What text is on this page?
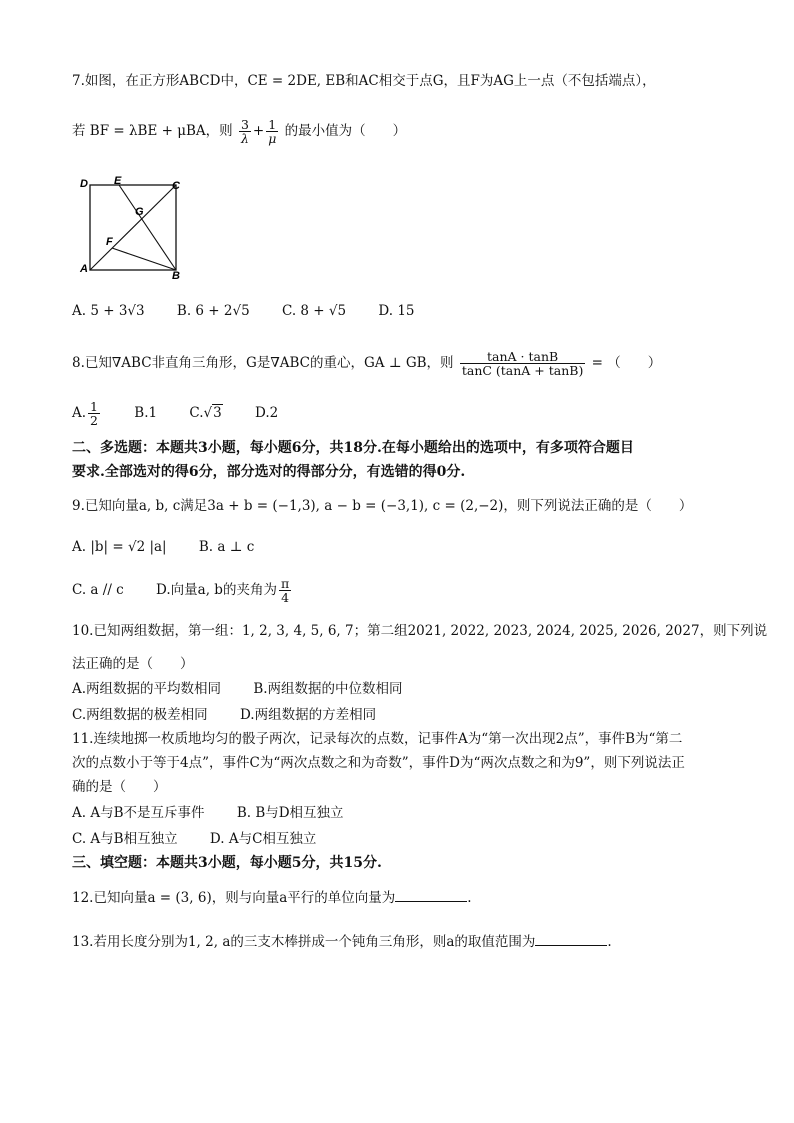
7.如图，在正方形ABCD中，CE = 2DE, EB和AC相交于点G，且F为AG上一点（不包括端点），
若 BF = λBE + μBA，则 $\frac{3}{\lambda} + \frac{1}{\mu}$ 的最小值为（　　）
D E	C
G
F
A
B
A. 5 + 3√3 B. 6 + 2√5 C. 8 + √5 D. 15
8.已知∇ABC非直角三角形，G是∇ABC的重心，GA ⊥ GB，则 $\frac{\tan A \cdot \tan B}{\tan C (\tan A + \tan B)}$ = （　　）
A. $\frac{1}{2}$	B.1 C.√3 D.2
二、多选题：本题共3小题，每小题6分，共18分.在每小题给出的选项中，有多项符合题目
要求.全部选对的得6分，部分选对的得部分分，有选错的得0分.
9.已知向量a, b, c满足3a + b = (−1,3), a − b = (−3,1), c = (2,−2)，则下列说法正确的是（　　）
A. |b| = √2 |a| B. a ⊥ c
C. a // c D.向量a, b的夹角为 $\frac{\pi}{4}$
10.已知两组数据，第一组：1, 2, 3, 4, 5, 6, 7；第二组2021, 2022, 2023, 2024, 2025, 2026, 2027，则下列说
法正确的是（　　）
A.两组数据的平均数相同 B.两组数据的中位数相同
C.两组数据的极差相同 D.两组数据的方差相同
11.连续地掷一枚质地均匀的骰子两次，记录每次的点数，记事件A为“第一次出现2点”，事件B为“第二
次的点数小于等于4点”，事件C为“两次点数之和为奇数”，事件D为“两次点数之和为9”，则下列说法正
确的是（　　）
A. A与B不是互斥事件 B. B与D相互独立
C. A与B相互独立 D. A与C相互独立
三、填空题：本题共3小题，每小题5分，共15分.
12.已知向量a = (3, 6)，则与向量a平行的单位向量为	.
13.若用长度分别为1, 2, a的三支木棒拼成一个钝角三角形，则a的取值范围为	.
